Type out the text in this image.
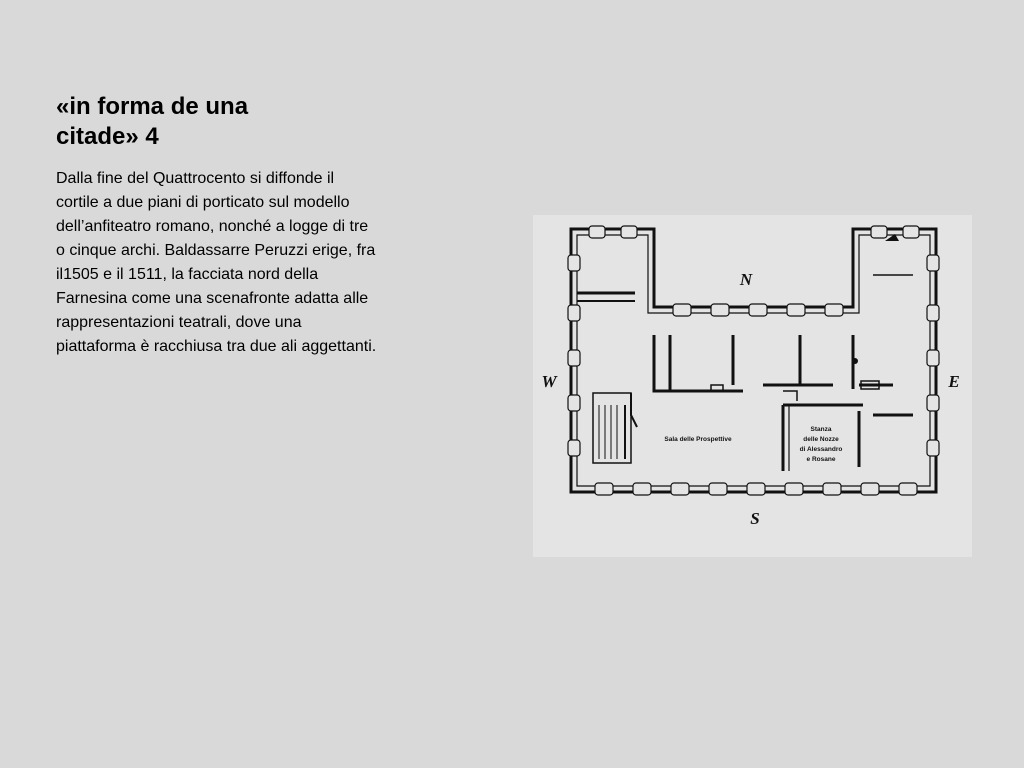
«in forma de una
citade» 4

Dalla fine del Quattrocento si diffonde il cortile a due piani di porticato sul modello dell’anfiteatro romano, nonché a logge di tre o cinque archi. Baldassarre Peruzzi erige, fra il1505 e il 1511, la facciata nord della Farnesina come una scenafronte adatta alle rappresentazioni teatrali, dove una piattaforma è racchiusa tra due ali aggettanti.

N
S
E
W
Sala delle Prospettive
Stanza
delle Nozze
di Alessandro
e Rosane
